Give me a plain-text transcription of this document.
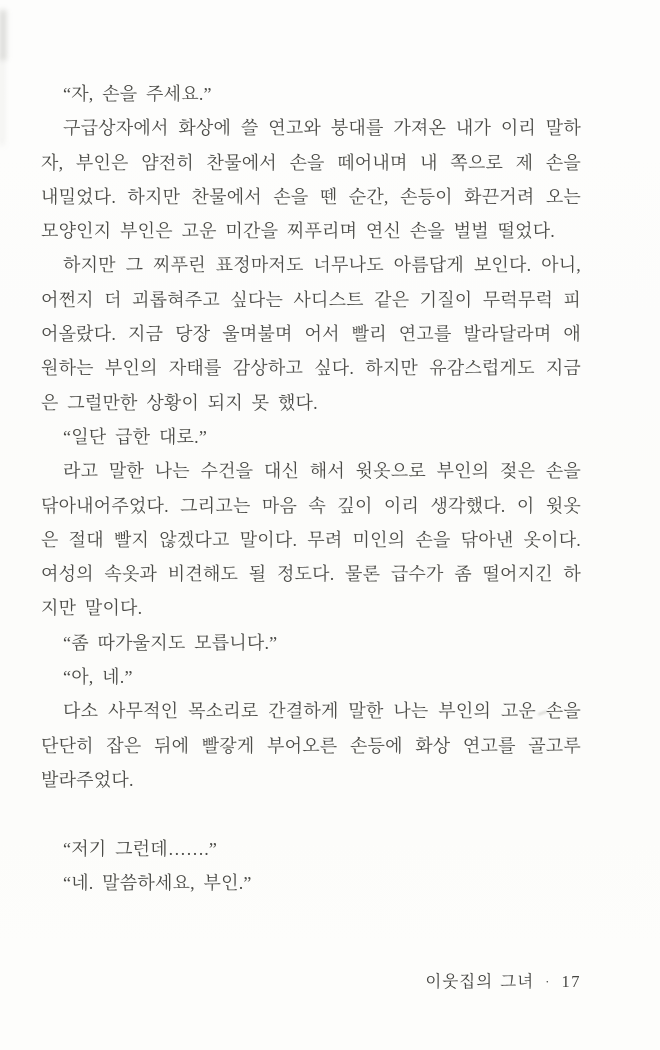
“자, 손을 주세요.”
구급상자에서 화상에 쓸 연고와 붕대를 가져온 내가 이리 말하
자, 부인은 얌전히 찬물에서 손을 떼어내며 내 쪽으로 제 손을
내밀었다. 하지만 찬물에서 손을 뗀 순간, 손등이 화끈거려 오는
모양인지 부인은 고운 미간을 찌푸리며 연신 손을 벌벌 떨었다.
하지만 그 찌푸린 표정마저도 너무나도 아름답게 보인다. 아니,
어쩐지 더 괴롭혀주고 싶다는 사디스트 같은 기질이 무럭무럭 피
어올랐다. 지금 당장 울며불며 어서 빨리 연고를 발라달라며 애
원하는 부인의 자태를 감상하고 싶다. 하지만 유감스럽게도 지금
은 그럴만한 상황이 되지 못 했다.
“일단 급한 대로.”
라고 말한 나는 수건을 대신 해서 윗옷으로 부인의 젖은 손을
닦아내어주었다. 그리고는 마음 속 깊이 이리 생각했다. 이 윗옷
은 절대 빨지 않겠다고 말이다. 무려 미인의 손을 닦아낸 옷이다.
여성의 속옷과 비견해도 될 정도다. 물론 급수가 좀 떨어지긴 하
지만 말이다.
“좀 따가울지도 모릅니다.”
“아, 네.”
다소 사무적인 목소리로 간결하게 말한 나는 부인의 고운 손을
단단히 잡은 뒤에 빨갛게 부어오른 손등에 화상 연고를 골고루
발라주었다.
“저기 그런데…….”
“네. 말씀하세요, 부인.”
이웃집의 그녀 · 17
